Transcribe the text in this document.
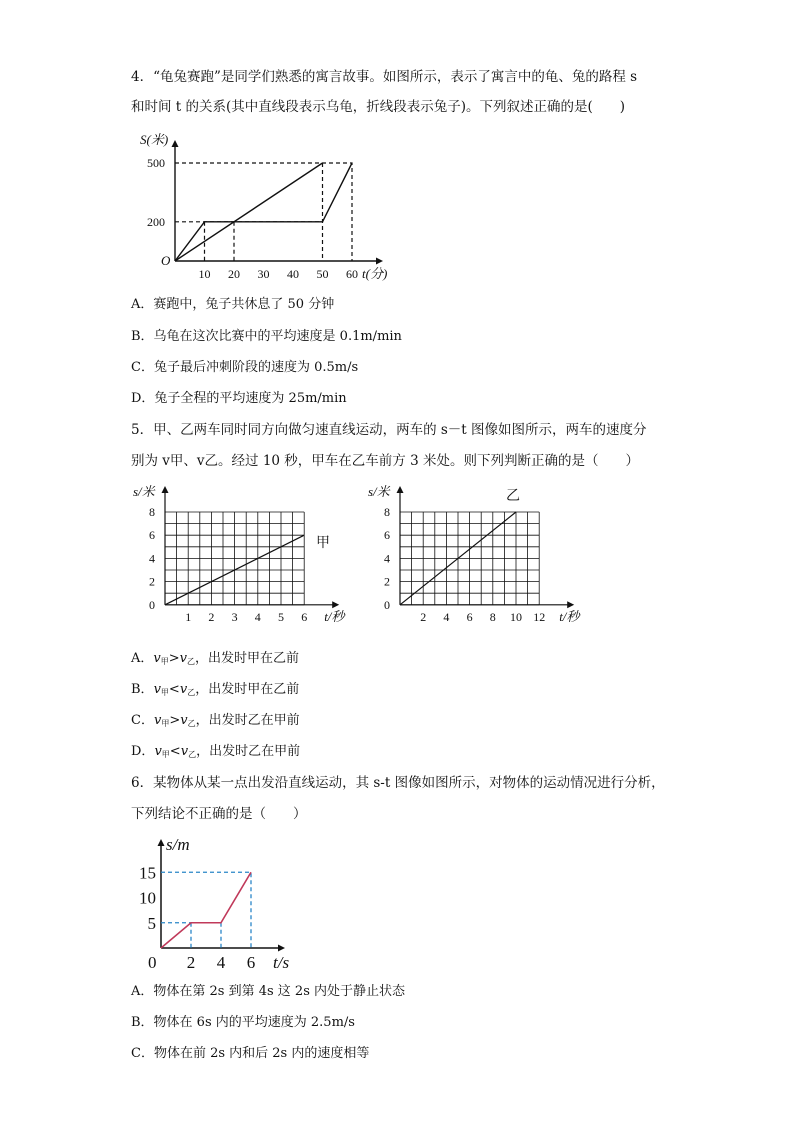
4．“龟兔赛跑”是同学们熟悉的寓言故事。如图所示，表示了寓言中的龟、兔的路程 s
和时间 t 的关系(其中直线段表示乌龟，折线段表示兔子)。下列叙述正确的是(　　)
S(米)
t(分)
O
200
500
10 20 30 40 50 60
A．赛跑中，兔子共休息了 50 分钟
B．乌龟在这次比赛中的平均速度是 0.1m/min
C．兔子最后冲刺阶段的速度为 0.5m/s
D．兔子全程的平均速度为 25m/min
5．甲、乙两车同时同方向做匀速直线运动，两车的 s－t 图像如图所示，两车的速度分
别为 v甲、v乙。经过 10 秒，甲车在乙车前方 3 米处。则下列判断正确的是（　　）
s/米
t/秒
0
2
4
6
8
1 2 3 4 5 6
甲
s/米
t/秒
0
2
4
6
8
2 4 6 8 10 12
乙
A．$v_甲>v_乙$，出发时甲在乙前
B．$v_甲<v_乙$，出发时甲在乙前
C．$v_甲>v_乙$，出发时乙在甲前
D．$v_甲<v_乙$，出发时乙在甲前
6．某物体从某一点出发沿直线运动，其 s-t 图像如图所示，对物体的运动情况进行分析，
下列结论不正确的是（　　）
s/m
t/s
0
5
10
15
2 4 6
A．物体在第 2s 到第 4s 这 2s 内处于静止状态
B．物体在 6s 内的平均速度为 2.5m/s
C．物体在前 2s 内和后 2s 内的速度相等
